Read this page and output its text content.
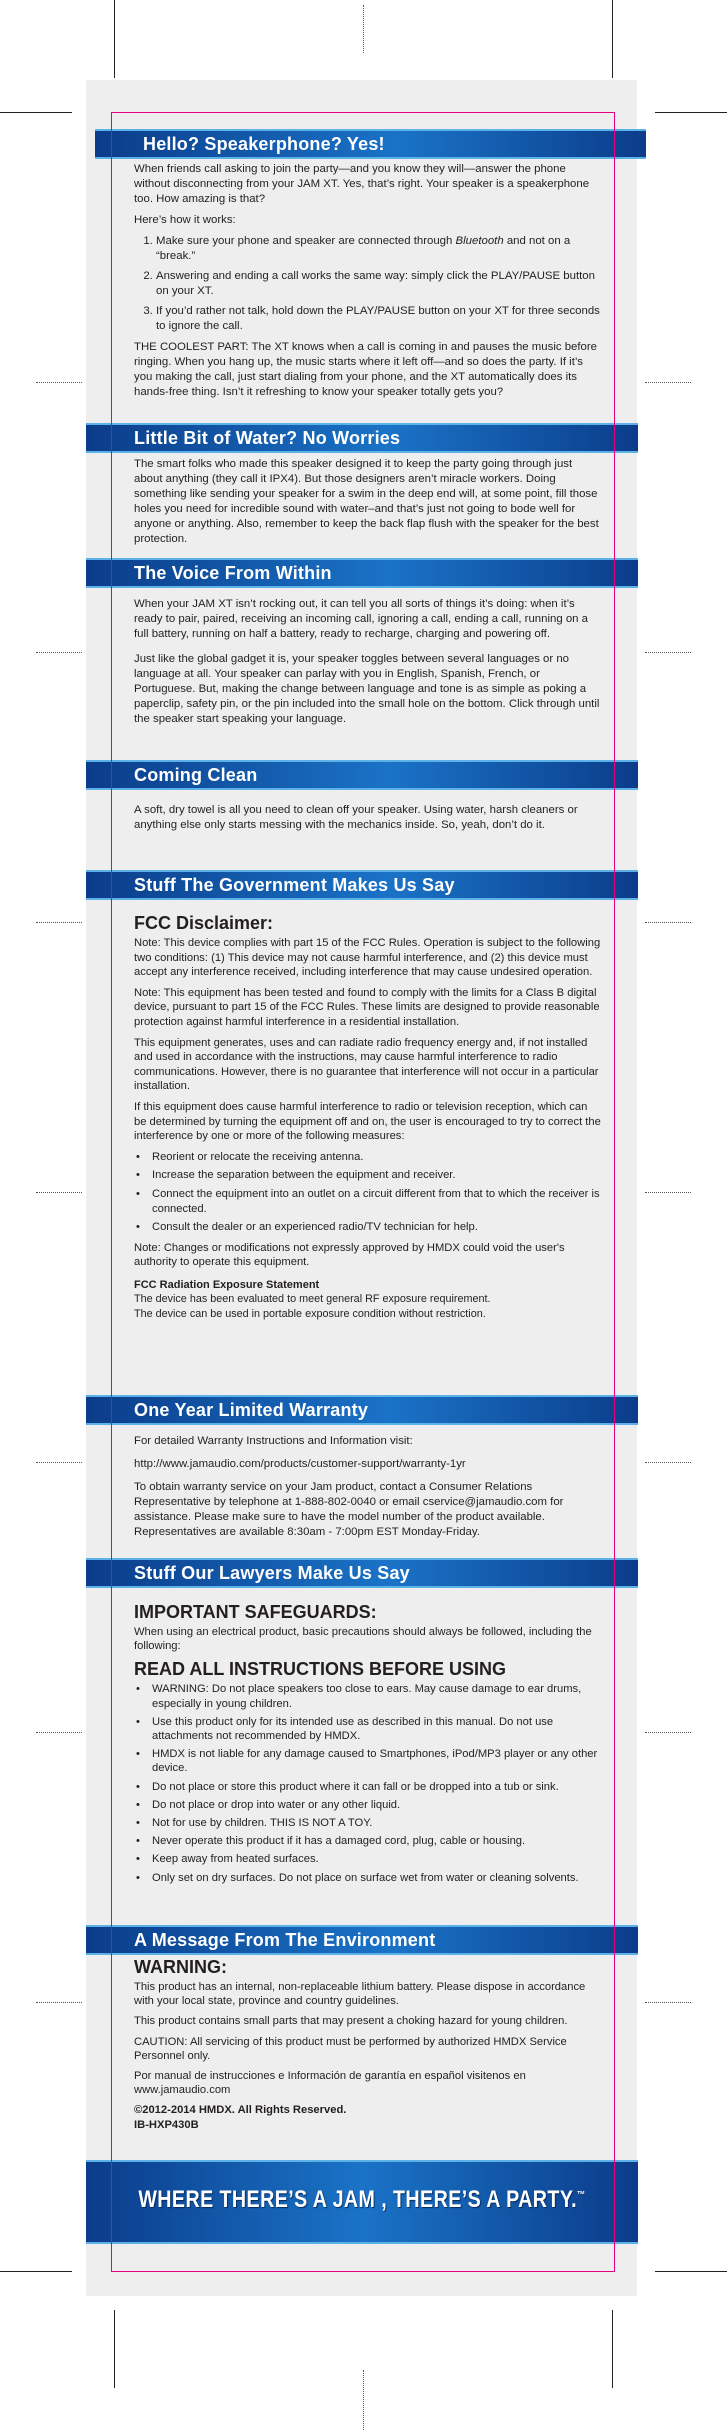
Hello? Speakerphone? Yes!

When friends call asking to join the party—and you know they will—answer the phone without disconnecting from your JAM XT. Yes, that’s right. Your speaker is a speakerphone too. How amazing is that?

Here’s how it works:

1. Make sure your phone and speaker are connected through Bluetooth and not on a “break.”
2. Answering and ending a call works the same way: simply click the PLAY/PAUSE button on your XT.
3. If you’d rather not talk, hold down the PLAY/PAUSE button on your XT for three seconds to ignore the call.

THE COOLEST PART: The XT knows when a call is coming in and pauses the music before ringing. When you hang up, the music starts where it left off—and so does the party. If it’s you making the call, just start dialing from your phone, and the XT automatically does its hands-free thing. Isn’t it refreshing to know your speaker totally gets you?

Little Bit of Water? No Worries

The smart folks who made this speaker designed it to keep the party going through just about anything (they call it IPX4). But those designers aren’t miracle workers. Doing something like sending your speaker for a swim in the deep end will, at some point, fill those holes you need for incredible sound with water–and that’s just not going to bode well for anyone or anything. Also, remember to keep the back flap flush with the speaker for the best protection.

The Voice From Within

When your JAM XT isn’t rocking out, it can tell you all sorts of things it’s doing: when it’s ready to pair, paired, receiving an incoming call, ignoring a call, ending a call, running on a full battery, running on half a battery, ready to recharge, charging and powering off.

Just like the global gadget it is, your speaker toggles between several languages or no language at all. Your speaker can parlay with you in English, Spanish, French, or Portuguese. But, making the change between language and tone is as simple as poking a paperclip, safety pin, or the pin included into the small hole on the bottom. Click through until the speaker start speaking your language.

Coming Clean

A soft, dry towel is all you need to clean off your speaker. Using water, harsh cleaners or anything else only starts messing with the mechanics inside. So, yeah, don’t do it.

Stuff The Government Makes Us Say
FCC Disclaimer:

Note: This device complies with part 15 of the FCC Rules. Operation is subject to the following two conditions: (1) This device may not cause harmful interference, and (2) this device must accept any interference received, including interference that may cause undesired operation.

Note: This equipment has been tested and found to comply with the limits for a Class B digital device, pursuant to part 15 of the FCC Rules. These limits are designed to provide reasonable protection against harmful interference in a residential installation.

This equipment generates, uses and can radiate radio frequency energy and, if not installed and used in accordance with the instructions, may cause harmful interference to radio communications. However, there is no guarantee that interference will not occur in a particular installation.

If this equipment does cause harmful interference to radio or television reception, which can be determined by turning the equipment off and on, the user is encouraged to try to correct the interference by one or more of the following measures:

• Reorient or relocate the receiving antenna.
• Increase the separation between the equipment and receiver.
• Connect the equipment into an outlet on a circuit different from that to which the receiver is connected.
• Consult the dealer or an experienced radio/TV technician for help.

Note: Changes or modifications not expressly approved by HMDX could void the user's authority to operate this equipment.

FCC Radiation Exposure Statement
The device has been evaluated to meet general RF exposure requirement.
The device can be used in portable exposure condition without restriction.
One Year Limited Warranty

For detailed Warranty Instructions and Information visit:

http://www.jamaudio.com/products/customer-support/warranty-1yr

To obtain warranty service on your Jam product, contact a Consumer Relations Representative by telephone at 1-888-802-0040 or email cservice@jamaudio.com for assistance. Please make sure to have the model number of the product available. Representatives are available 8:30am - 7:00pm EST Monday-Friday.

Stuff Our Lawyers Make Us Say
IMPORTANT SAFEGUARDS:

When using an electrical product, basic precautions should always be followed, including the following:

READ ALL INSTRUCTIONS BEFORE USING
• WARNING: Do not place speakers too close to ears. May cause damage to ear drums, especially in young children.
• Use this product only for its intended use as described in this manual. Do not use attachments not recommended by HMDX.
• HMDX is not liable for any damage caused to Smartphones, iPod/MP3 player or any other device.
• Do not place or store this product where it can fall or be dropped into a tub or sink.
• Do not place or drop into water or any other liquid.
• Not for use by children. THIS IS NOT A TOY.
• Never operate this product if it has a damaged cord, plug, cable or housing.
• Keep away from heated surfaces.
• Only set on dry surfaces. Do not place on surface wet from water or cleaning solvents.
A Message From The Environment
WARNING:

This product has an internal, non-replaceable lithium battery. Please dispose in accordance with your local state, province and country guidelines.

This product contains small parts that may present a choking hazard for young children.

CAUTION: All servicing of this product must be performed by authorized HMDX Service Personnel only.

Por manual de instrucciones e Información de garantía en español visitenos en www.jamaudio.com

©2012-2014 HMDX. All Rights Reserved.
IB-HXP430B
WHERE THERE’S A JAM , THERE’S A PARTY.™
